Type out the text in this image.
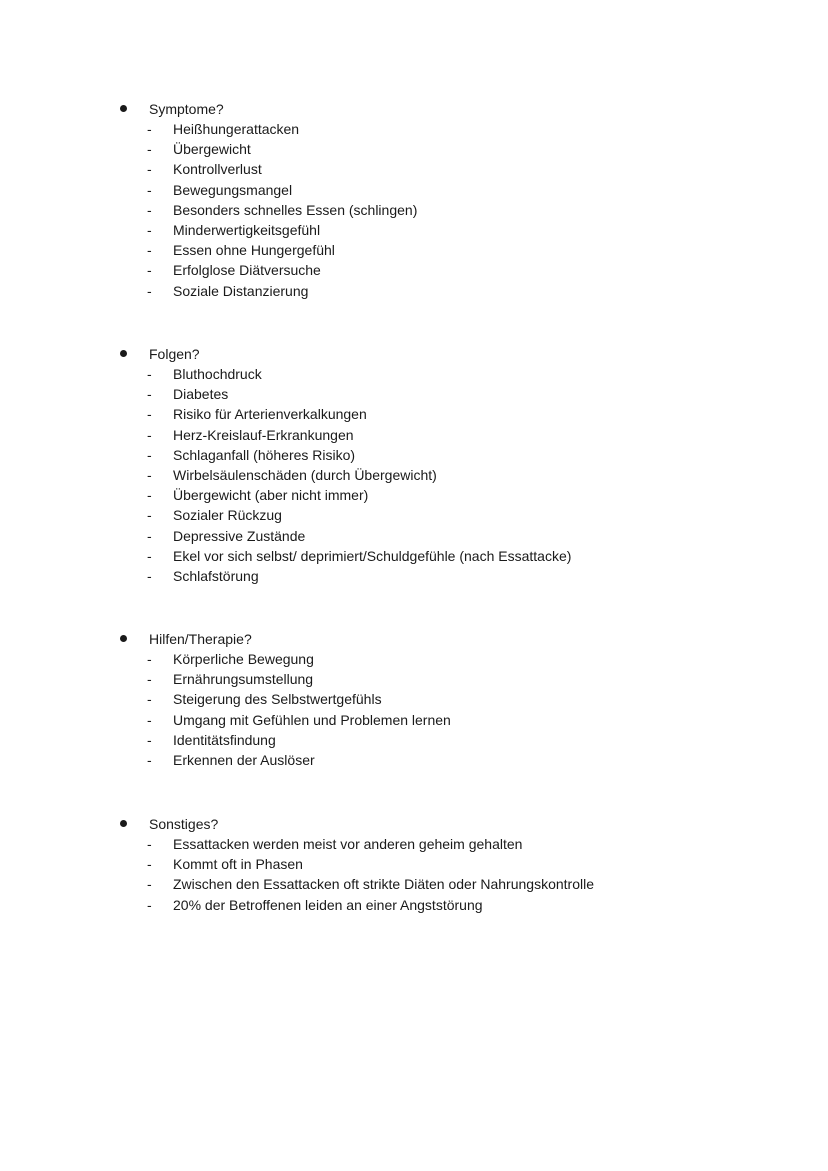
Symptome?
- Heißhungerattacken
- Übergewicht
- Kontrollverlust
- Bewegungsmangel
- Besonders schnelles Essen (schlingen)
- Minderwertigkeitsgefühl
- Essen ohne Hungergefühl
- Erfolglose Diätversuche
- Soziale Distanzierung
Folgen?
- Bluthochdruck
- Diabetes
- Risiko für Arterienverkalkungen
- Herz-Kreislauf-Erkrankungen
- Schlaganfall (höheres Risiko)
- Wirbelsäulenschäden (durch Übergewicht)
- Übergewicht (aber nicht immer)
- Sozialer Rückzug
- Depressive Zustände
- Ekel vor sich selbst/ deprimiert/Schuldgefühle (nach Essattacke)
- Schlafstörung
Hilfen/Therapie?
- Körperliche Bewegung
- Ernährungsumstellung
- Steigerung des Selbstwertgefühls
- Umgang mit Gefühlen und Problemen lernen
- Identitätsfindung
- Erkennen der Auslöser
Sonstiges?
- Essattacken werden meist vor anderen geheim gehalten
- Kommt oft in Phasen
- Zwischen den Essattacken oft strikte Diäten oder Nahrungskontrolle
- 20% der Betroffenen leiden an einer Angststörung
